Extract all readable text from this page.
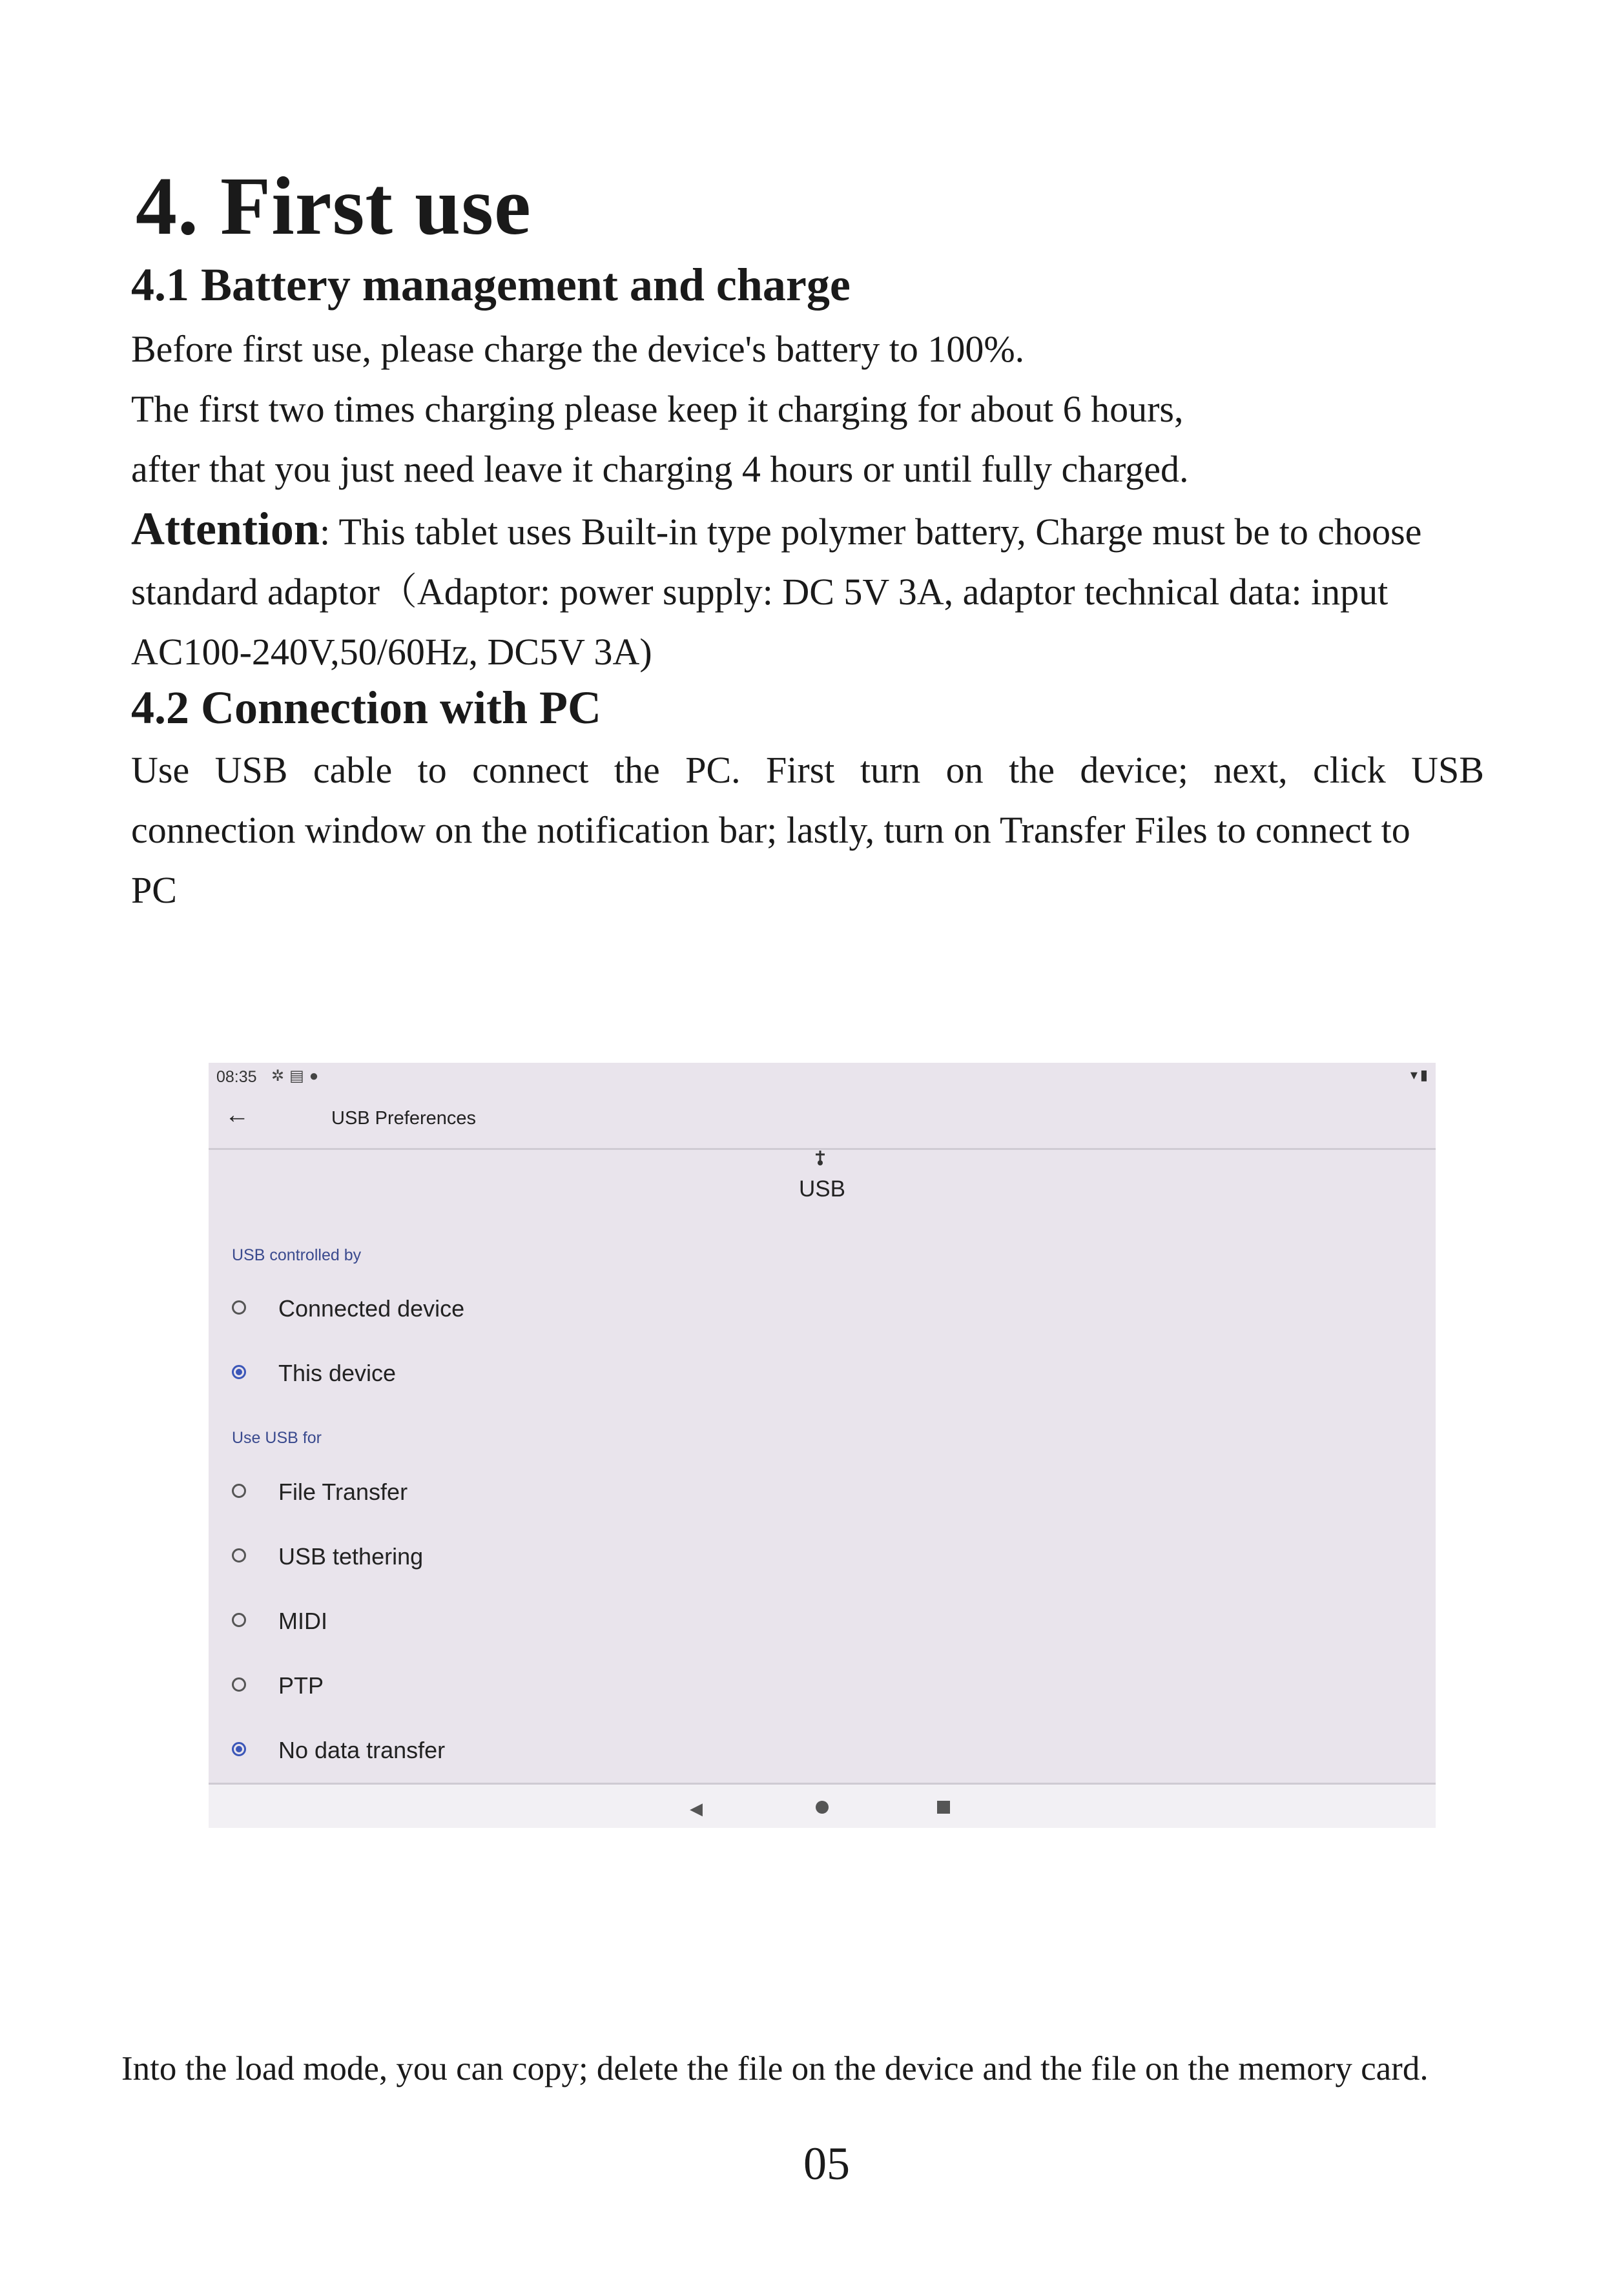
4. First use
4.1 Battery management and charge
Before first use, please charge the device's battery to 100%.
The first two times charging please keep it charging for about 6 hours,
after that you just need leave it charging 4 hours or until fully charged.
Attention: This tablet uses Built-in type polymer battery, Charge must be to choose
standard adaptor（Adaptor: power supply: DC 5V 3A, adaptor technical data: input
AC100-240V,50/60Hz, DC5V 3A)
4.2 Connection with PC
Use USB cable to connect the PC. First turn on the device; next, click USB
connection window on the notification bar; lastly, turn on Transfer Files to connect to
PC
08:35 ✲▤●	▾▮
←	USB Preferences
USB
USB controlled by
Connected device
This device
Use USB for
File Transfer
USB tethering
MIDI
PTP
No data transfer
◀
Into the load mode, you can copy; delete the file on the device and the file on the memory card.
05
